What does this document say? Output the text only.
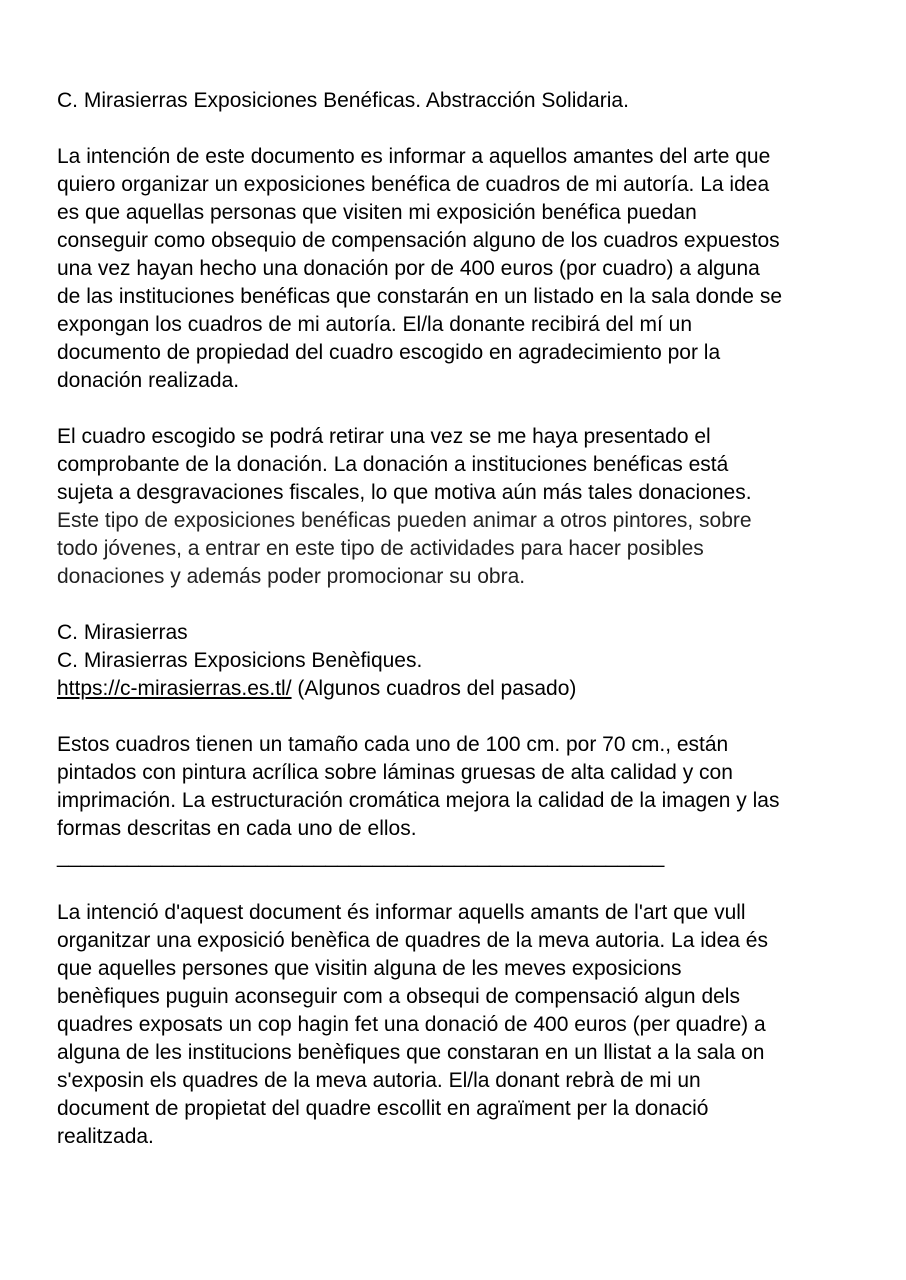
C. Mirasierras Exposiciones Benéficas. Abstracción Solidaria.
La intención de este documento es informar a aquellos amantes del arte que
quiero organizar un exposiciones benéfica de cuadros de mi autoría. La idea
es que aquellas personas que visiten mi exposición benéfica puedan
conseguir como obsequio de compensación alguno de los cuadros expuestos
una vez hayan hecho una donación por de 400 euros (por cuadro) a alguna
de las instituciones benéficas que constarán en un listado en la sala donde se
expongan los cuadros de mi autoría. El/la donante recibirá del mí un
documento de propiedad del cuadro escogido en agradecimiento por la
donación realizada.
El cuadro escogido se podrá retirar una vez se me haya presentado el
comprobante de la donación. La donación a instituciones benéficas está
sujeta a desgravaciones fiscales, lo que motiva aún más tales donaciones.
Este tipo de exposiciones benéficas pueden animar a otros pintores, sobre
todo jóvenes, a entrar en este tipo de actividades para hacer posibles
donaciones y además poder promocionar su obra.
C. Mirasierras
C. Mirasierras Exposicions Benèfiques.
https://c-mirasierras.es.tl/ (Algunos cuadros del pasado)
Estos cuadros tienen un tamaño cada uno de 100 cm. por 70 cm., están
pintados con pintura acrílica sobre láminas gruesas de alta calidad y con
imprimación. La estructuración cromática mejora la calidad de la imagen y las
formas descritas en cada uno de ellos.
____________________________________________________
La intenció d'aquest document és informar aquells amants de l'art que vull
organitzar una exposició benèfica de quadres de la meva autoria. La idea és
que aquelles persones que visitin alguna de les meves exposicions
benèfiques puguin aconseguir com a obsequi de compensació algun dels
quadres exposats un cop hagin fet una donació de 400 euros (per quadre) a
alguna de les institucions benèfiques que constaran en un llistat a la sala on
s'exposin els quadres de la meva autoria. El/la donant rebrà de mi un
document de propietat del quadre escollit en agraïment per la donació
realitzada.
